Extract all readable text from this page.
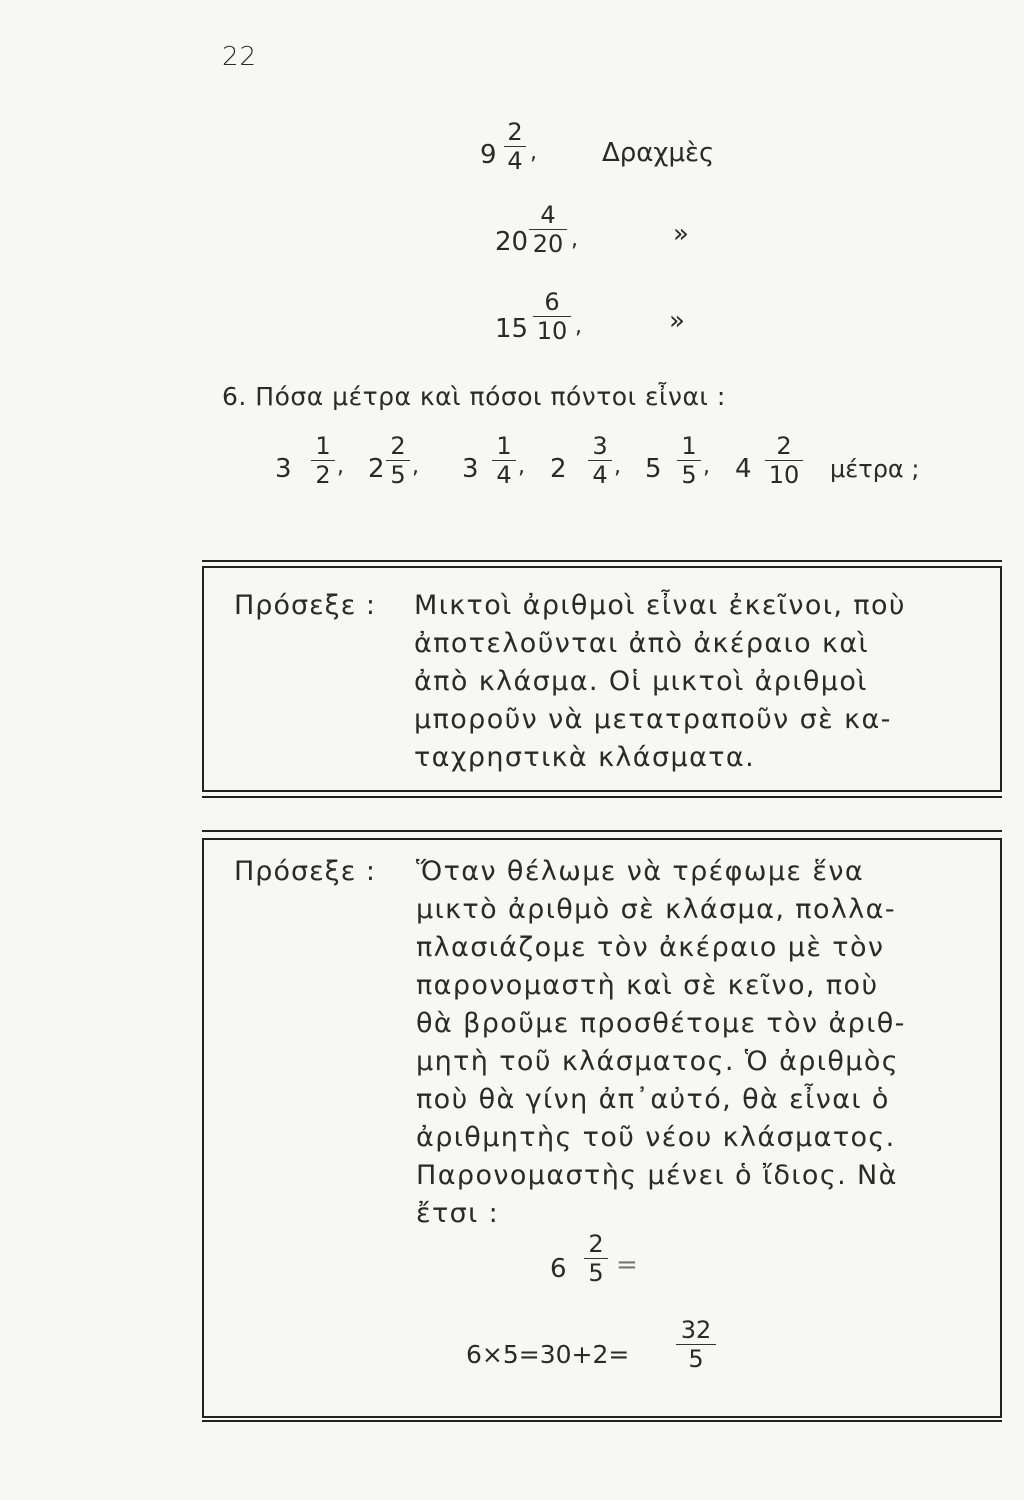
22
9
2
4 ,	Δραχμὲς
20
4
20 ,	»
15
6
10 ,	»
6. Πόσα μέτρα καὶ πόσοι πόντοι εἶναι :
3
1
2 , 2
2
5 , 3
1
4 , 2
3
4 , 5
1
5 , 4
2
10 μέτρα ;
Πρόσεξε : Μικτοὶ ἀριθμοὶ εἶναι ἐκεῖνοι, ποὺ
ἀποτελοῦνται ἀπὸ ἀκέραιο καὶ
ἀπὸ κλάσμα. Οἱ μικτοὶ ἀριθμοὶ
μποροῦν νὰ μετατραποῦν σὲ κα-
ταχρηστικὰ κλάσματα.
Πρόσεξε : Ὅταν θέλωμε νὰ τρέφωμε ἕνα
μικτὸ ἀριθμὸ σὲ κλάσμα, πολλα-
πλασιάζομε τὸν ἀκέραιο μὲ τὸν
παρονομαστὴ καὶ σὲ κεῖνο, ποὺ
θὰ βροῦμε προσθέτομε τὸν ἀριθ-
μητὴ τοῦ κλάσματος. Ὁ ἀριθμὸς
ποὺ θὰ γίνη ἀπ᾿αὐτό, θὰ εἶναι ὁ
ἀριθμητὴς τοῦ νέου κλάσματος.
Παρονομαστὴς μένει ὁ ἴδιος. Νὰ
ἔτσι :
6
2
5 =
6×5=30+2=
32
5
